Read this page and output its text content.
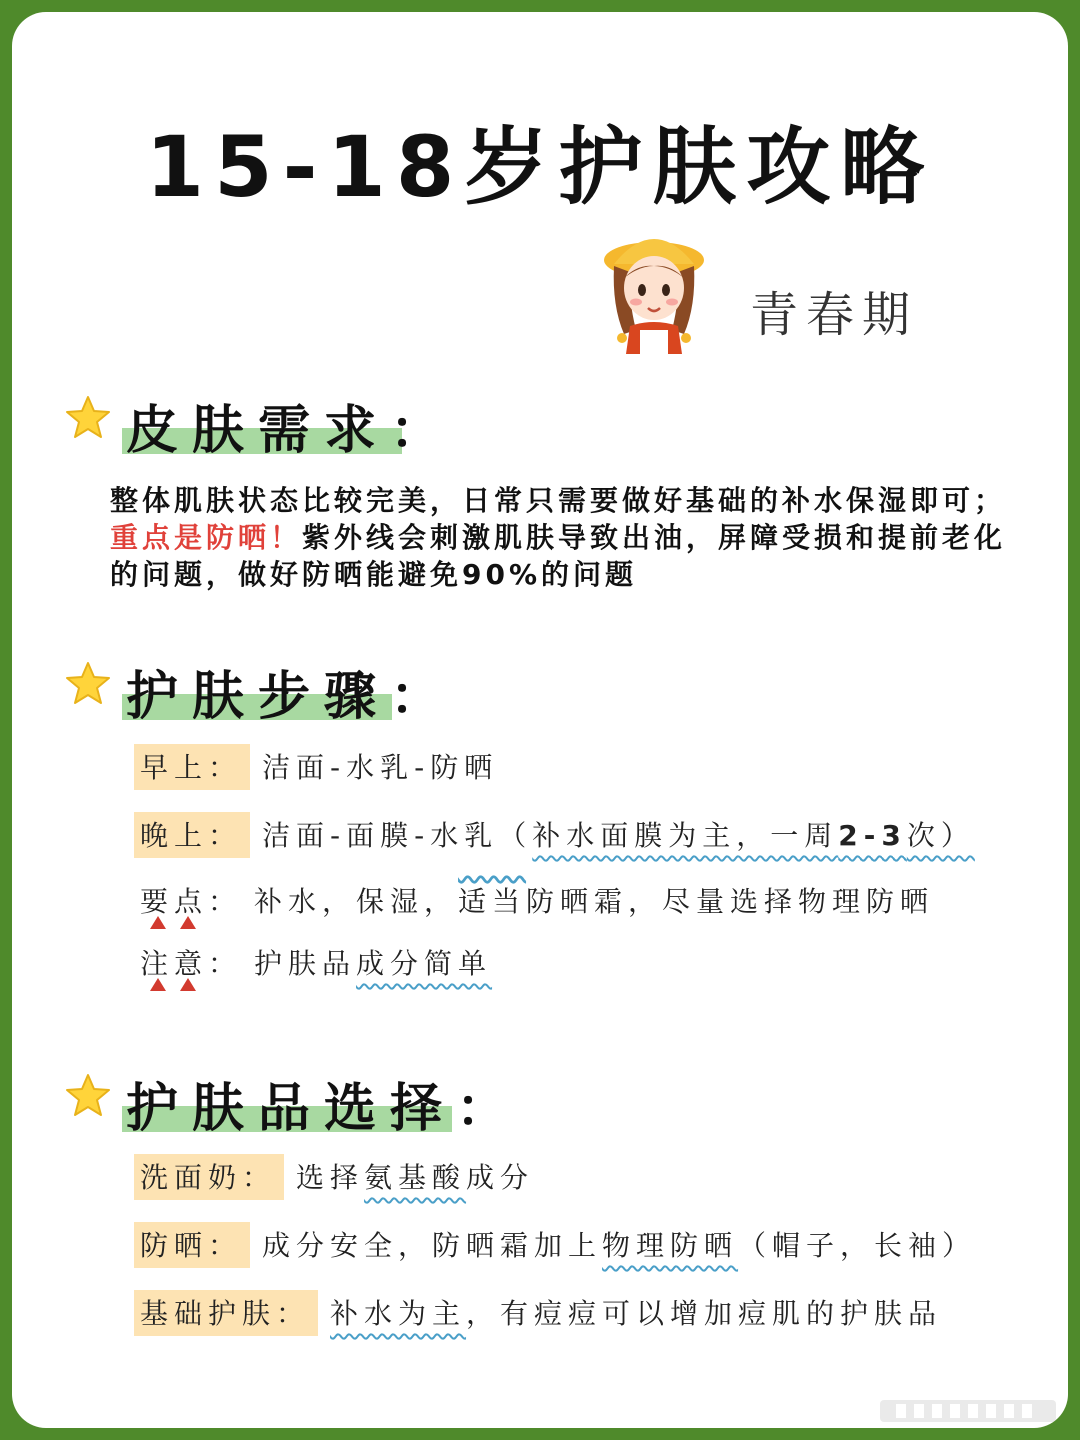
15-18岁护肤攻略
青春期
皮肤需求：
整体肌肤状态比较完美，日常只需要做好基础的补水保湿即可；重点是防晒！紫外线会刺激肌肤导致出油，屏障受损和提前老化的问题，做好防晒能避免90%的问题
护肤步骤：
早上： 洁面-水乳-防晒
晚上： 洁面-面膜-水乳（补水面膜为主，一周2-3次）
要点： 补水，保湿，适当防晒霜，尽量选择物理防晒
注意： 护肤品成分简单
护肤品选择：
洗面奶： 选择氨基酸成分
防晒： 成分安全，防晒霜加上物理防晒（帽子，长袖）
基础护肤： 补水为主，有痘痘可以增加痘肌的护肤品
